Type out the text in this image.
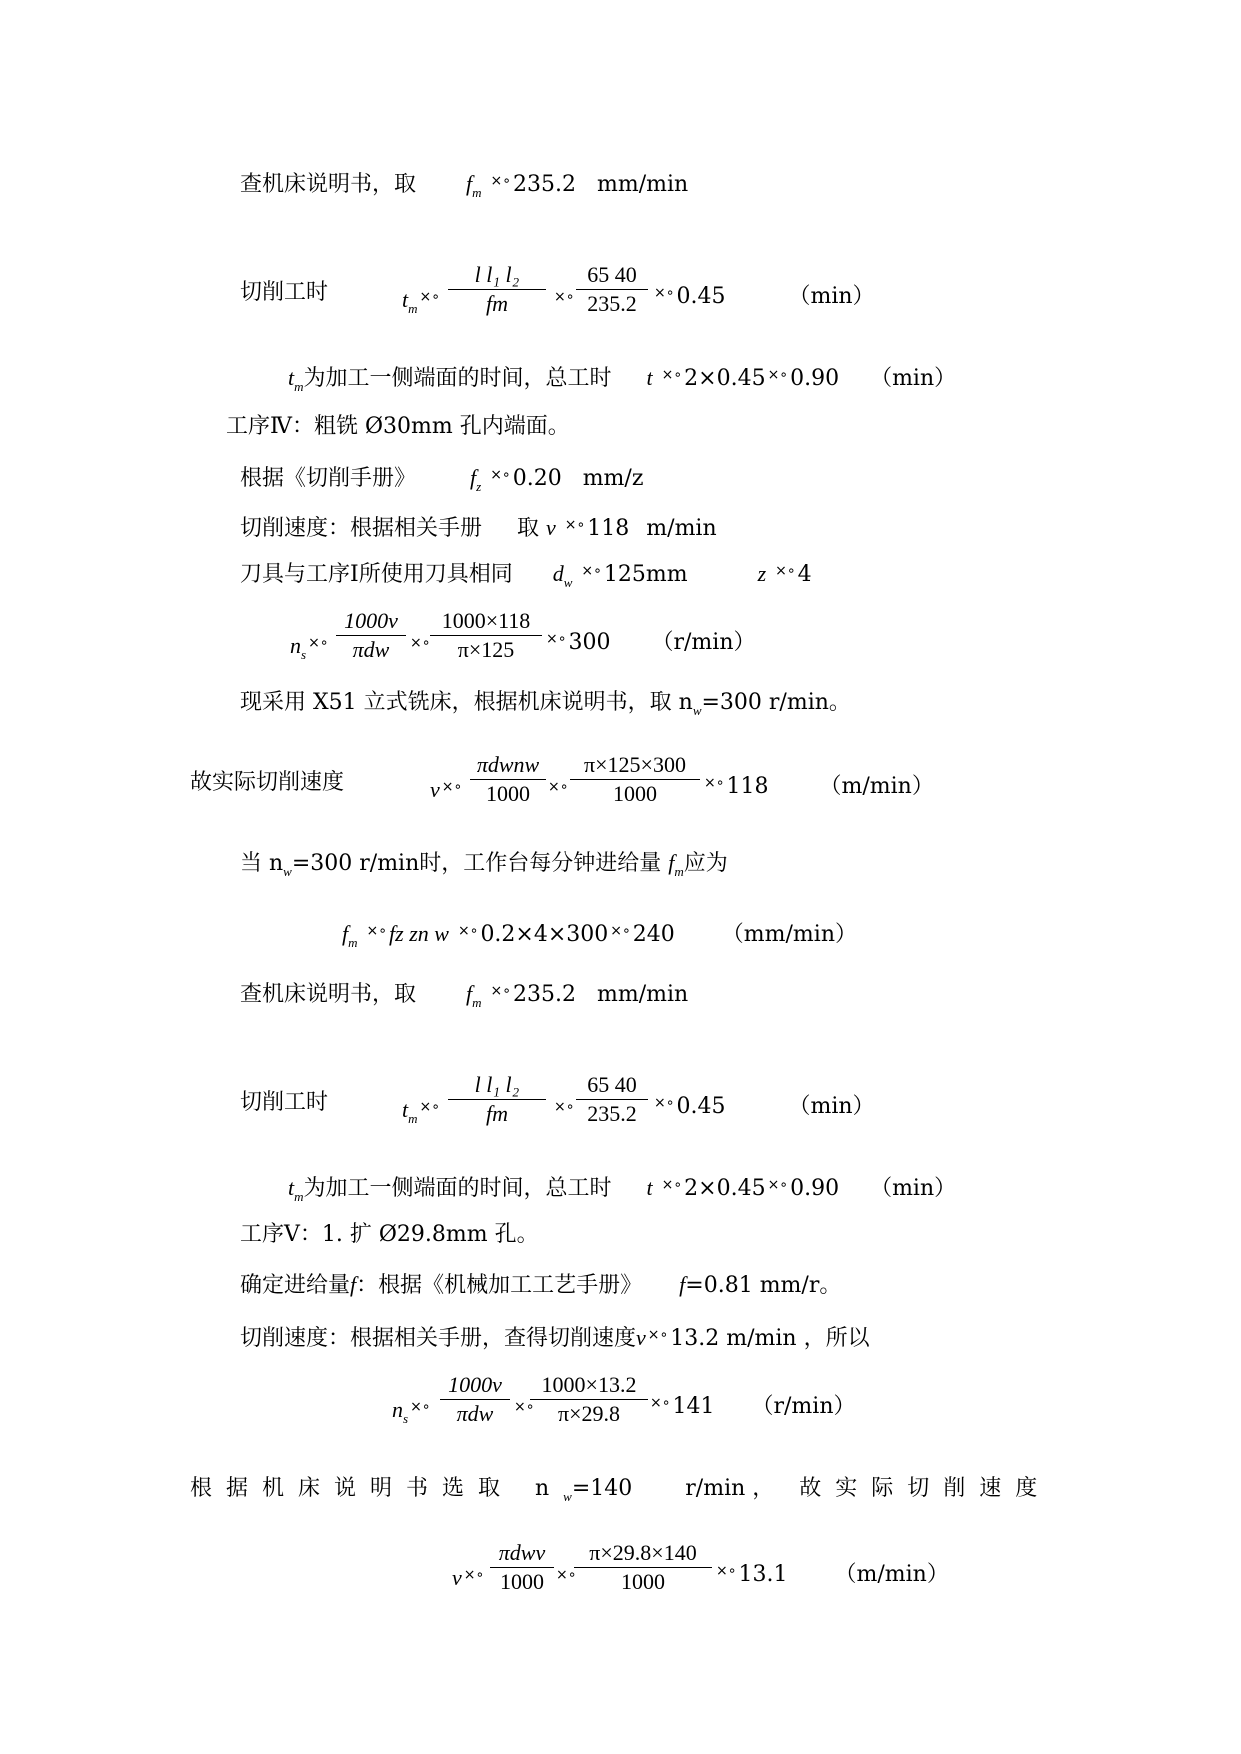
查机床说明书，取 $f_m$ ×∘235.2 mm/min
切削工时	$t_m^{\times\circ}$
l l₁ l₂
fm	×∘
65 40
235.2	×∘0.45	（min）
$t_m$为加工一侧端面的时间，总工时 t ×∘2×0.45 ×∘0.90 （min）
工序Ⅳ：粗铣 Ø30mm 孔内端面。
根据《切削手册》 $f_z$ ×∘0.20 mm/z
切削速度：根据相关手册 取 v ×∘118 m/min
刀具与工序Ⅰ所使用刀具相同 $d_w$ ×∘125mm	z ×∘4
$n_s^{\times\circ}$
1000v
πdw	×∘
1000×118
π×125	×∘300 （r/min）
现采用 X51 立式铣床，根据机床说明书，取 $n_w=300$ r/min。
故实际切削速度	v ×∘
πdwnw
1000	×∘
π×125×300
1000	×∘118 （m/min）
当 $n_w=300$ r/min时，工作台每分钟进给量 $f_m$应为
$f_m$ ×∘fz zn w ×∘0.2×4×300 ×∘240 （mm/min）
查机床说明书，取 $f_m$ ×∘235.2 mm/min
切削工时	$t_m^{\times\circ}$
l l₁ l₂
fm	×∘
65 40
235.2	×∘0.45	（min）
$t_m$为加工一侧端面的时间，总工时 t ×∘2×0.45 ×∘0.90 （min）
工序Ⅴ：1. 扩 Ø29.8mm 孔。
确定进给量f：根据《机械加工工艺手册》 f=0.81 mm/r。
切削速度：根据相关手册，查得切削速度v ×∘13.2 m/min ，所以
$n_s^{\times\circ}$
1000v
πdw	×∘
1000×13.2
π×29.8	×∘141 （r/min）
根据机床说明书选取 $n_w=140$ r/min ， 故实际切削速度
v ×∘
πdwv
1000 ×∘
π×29.8×140
1000	×∘13.1 （m/min）
